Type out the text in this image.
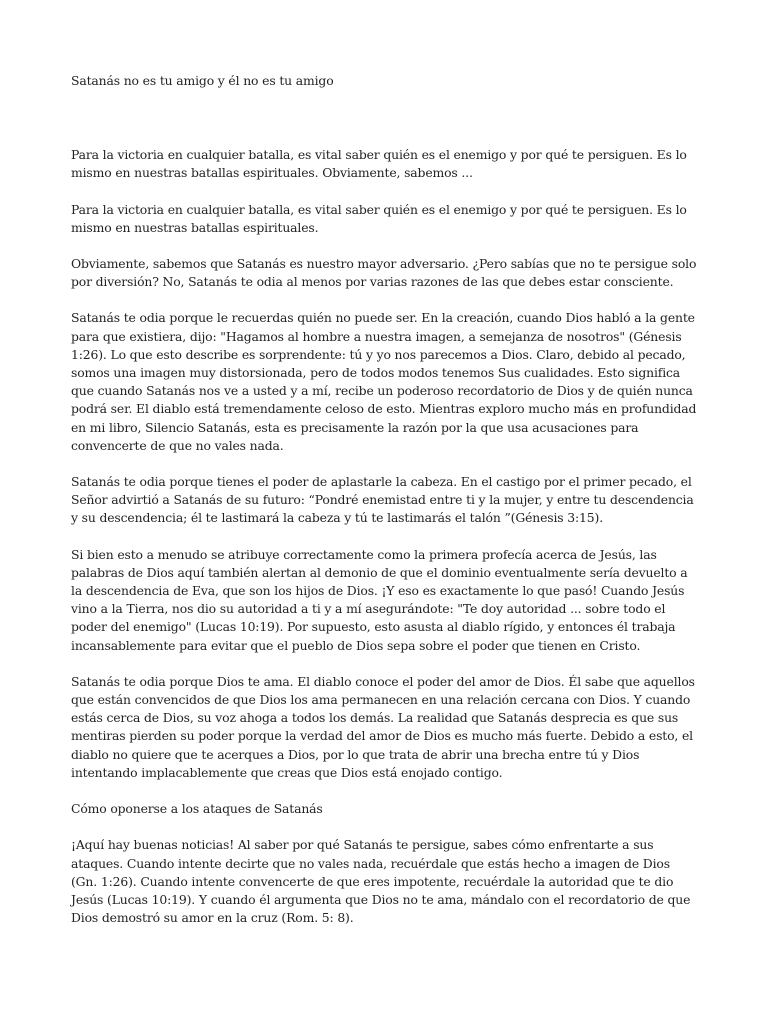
Satanás no es tu amigo y él no es tu amigo

Para la victoria en cualquier batalla, es vital saber quién es el enemigo y por qué te persiguen. Es lo mismo en nuestras batallas espirituales. Obviamente, sabemos ...

Para la victoria en cualquier batalla, es vital saber quién es el enemigo y por qué te persiguen. Es lo mismo en nuestras batallas espirituales.

Obviamente, sabemos que Satanás es nuestro mayor adversario. ¿Pero sabías que no te persigue solo por diversión? No, Satanás te odia al menos por varias razones de las que debes estar consciente.

Satanás te odia porque le recuerdas quién no puede ser. En la creación, cuando Dios habló a la gente para que existiera, dijo: "Hagamos al hombre a nuestra imagen, a semejanza de nosotros" (Génesis 1:26). Lo que esto describe es sorprendente: tú y yo nos parecemos a Dios. Claro, debido al pecado, somos una imagen muy distorsionada, pero de todos modos tenemos Sus cualidades. Esto significa que cuando Satanás nos ve a usted y a mí, recibe un poderoso recordatorio de Dios y de quién nunca podrá ser. El diablo está tremendamente celoso de esto. Mientras exploro mucho más en profundidad en mi libro, Silencio Satanás, esta es precisamente la razón por la que usa acusaciones para convencerte de que no vales nada.

Satanás te odia porque tienes el poder de aplastarle la cabeza. En el castigo por el primer pecado, el Señor advirtió a Satanás de su futuro: “Pondré enemistad entre ti y la mujer, y entre tu descendencia y su descendencia; él te lastimará la cabeza y tú te lastimarás el talón ”(Génesis 3:15).

Si bien esto a menudo se atribuye correctamente como la primera profecía acerca de Jesús, las palabras de Dios aquí también alertan al demonio de que el dominio eventualmente sería devuelto a la descendencia de Eva, que son los hijos de Dios. ¡Y eso es exactamente lo que pasó! Cuando Jesús vino a la Tierra, nos dio su autoridad a ti y a mí asegurándote: "Te doy autoridad ... sobre todo el poder del enemigo" (Lucas 10:19). Por supuesto, esto asusta al diablo rígido, y entonces él trabaja incansablemente para evitar que el pueblo de Dios sepa sobre el poder que tienen en Cristo.

Satanás te odia porque Dios te ama. El diablo conoce el poder del amor de Dios. Él sabe que aquellos que están convencidos de que Dios los ama permanecen en una relación cercana con Dios. Y cuando estás cerca de Dios, su voz ahoga a todos los demás. La realidad que Satanás desprecia es que sus mentiras pierden su poder porque la verdad del amor de Dios es mucho más fuerte. Debido a esto, el diablo no quiere que te acerques a Dios, por lo que trata de abrir una brecha entre tú y Dios intentando implacablemente que creas que Dios está enojado contigo.

Cómo oponerse a los ataques de Satanás

¡Aquí hay buenas noticias! Al saber por qué Satanás te persigue, sabes cómo enfrentarte a sus ataques. Cuando intente decirte que no vales nada, recuérdale que estás hecho a imagen de Dios (Gn. 1:26). Cuando intente convencerte de que eres impotente, recuérdale la autoridad que te dio Jesús (Lucas 10:19). Y cuando él argumenta que Dios no te ama, mándalo con el recordatorio de que Dios demostró su amor en la cruz (Rom. 5: 8).
